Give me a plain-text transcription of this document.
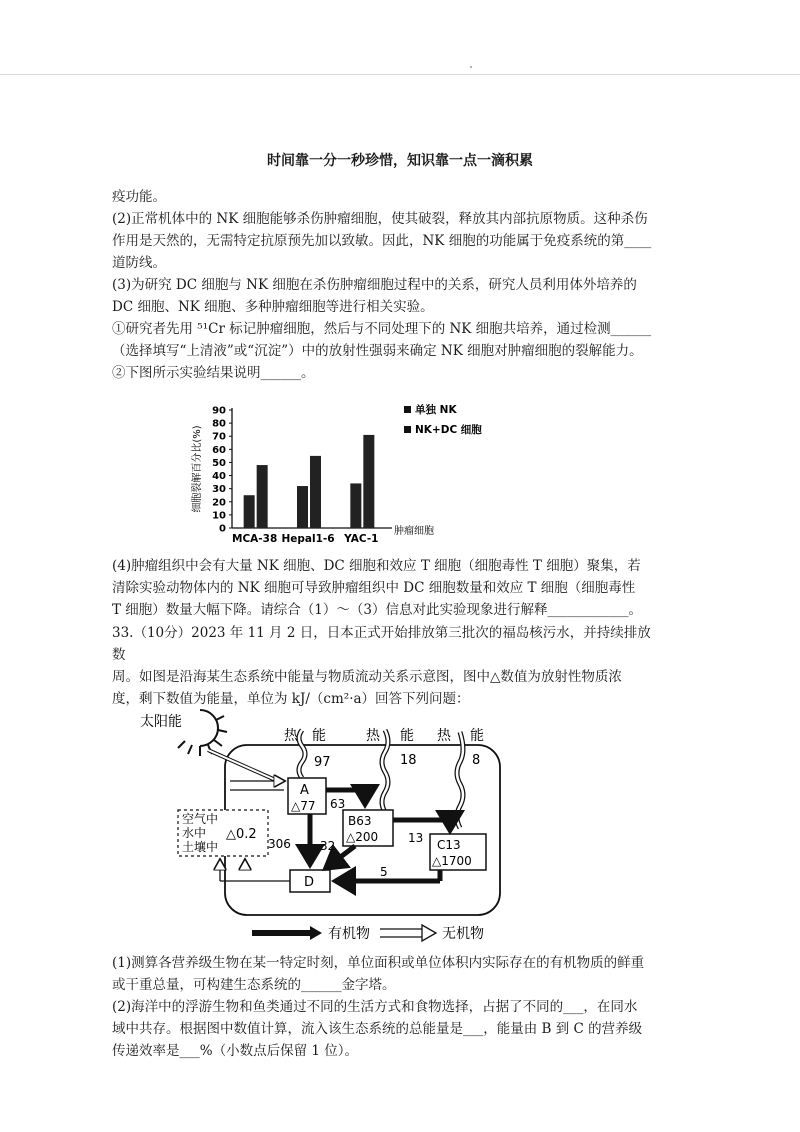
时间靠一分一秒珍惜，知识靠一点一滴积累
疫功能。
(2)正常机体中的 NK 细胞能够杀伤肿瘤细胞，使其破裂，释放其内部抗原物质。这种杀伤
作用是天然的，无需特定抗原预先加以致敏。因此，NK 细胞的功能属于免疫系统的第____
道防线。
(3)为研究 DC 细胞与 NK 细胞在杀伤肿瘤细胞过程中的关系，研究人员利用体外培养的
DC 细胞、NK 细胞、多种肿瘤细胞等进行相关实验。
①研究者先用 ⁵¹Cr 标记肿瘤细胞，然后与不同处理下的 NK 细胞共培养，通过检测______
（选择填写“上清液”或“沉淀”）中的放射性强弱来确定 NK 细胞对肿瘤细胞的裂解能力。
②下图所示实验结果说明______。
0
10
20
30
40
50
60
70
80
90
细胞裂解百分比(%)
MCA-38 Hepal1-6 YAC-1
肿瘤细胞
单独 NK
NK+DC 细胞
(4)肿瘤组织中会有大量 NK 细胞、DC 细胞和效应 T 细胞（细胞毒性 T 细胞）聚集，若
清除实验动物体内的 NK 细胞可导致肿瘤组织中 DC 细胞数量和效应 T 细胞（细胞毒性
T 细胞）数量大幅下降。请综合（1）～（3）信息对此实验现象进行解释____________。
33.（10分）2023 年 11 月 2 日，日本正式开始排放第三批次的福岛核污水，并持续排放数
周。如图是沿海某生态系统中能量与物质流动关系示意图，图中△数值为放射性物质浓
度，剩下数值为能量，单位为 kJ/（cm²·a）回答下列问题：
太阳能
热 能
97
热 能
18
热 能
8
A
△77
B63
△200
C13
△1700
D
空气中
水中
土壤中
△0.2
63
13
306 32
5
有机物	无机物
(1)测算各营养级生物在某一特定时刻，单位面积或单位体积内实际存在的有机物质的鲜重
或干重总量，可构建生态系统的______金字塔。
(2)海洋中的浮游生物和鱼类通过不同的生活方式和食物选择，占据了不同的___，在同水
域中共存。根据图中数值计算，流入该生态系统的总能量是___，能量由 B 到 C 的营养级
传递效率是___%（小数点后保留 1 位）。
